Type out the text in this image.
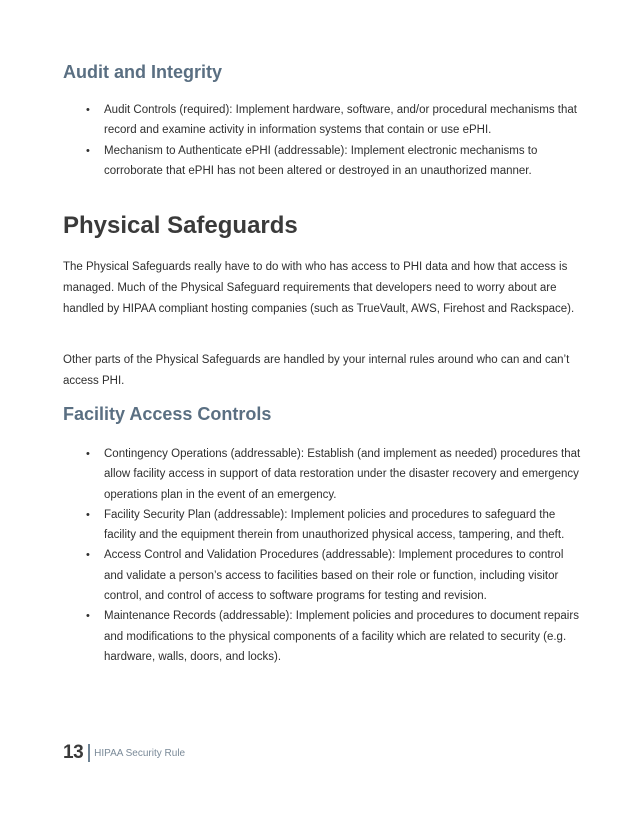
Audit and Integrity
• Audit Controls (required): Implement hardware, software, and/or procedural mechanisms that record and examine activity in information systems that contain or use ePHI.
• Mechanism to Authenticate ePHI (addressable): Implement electronic mechanisms to corroborate that ePHI has not been altered or destroyed in an unauthorized manner.
Physical Safeguards

The Physical Safeguards really have to do with who has access to PHI data and how that access is managed. Much of the Physical Safeguard requirements that developers need to worry about are handled by HIPAA compliant hosting companies (such as TrueVault, AWS, Firehost and Rackspace).

Other parts of the Physical Safeguards are handled by your internal rules around who can and can’t access PHI.

Facility Access Controls
• Contingency Operations (addressable): Establish (and implement as needed) procedures that allow facility access in support of data restoration under the disaster recovery and emergency operations plan in the event of an emergency.
• Facility Security Plan (addressable): Implement policies and procedures to safeguard the facility and the equipment therein from unauthorized physical access, tampering, and theft.
• Access Control and Validation Procedures (addressable): Implement procedures to control and validate a person’s access to facilities based on their role or function, including visitor control, and control of access to software programs for testing and revision.
• Maintenance Records (addressable): Implement policies and procedures to document repairs and modifications to the physical components of a facility which are related to security (e.g. hardware, walls, doors, and locks).
13 HIPAA Security Rule
